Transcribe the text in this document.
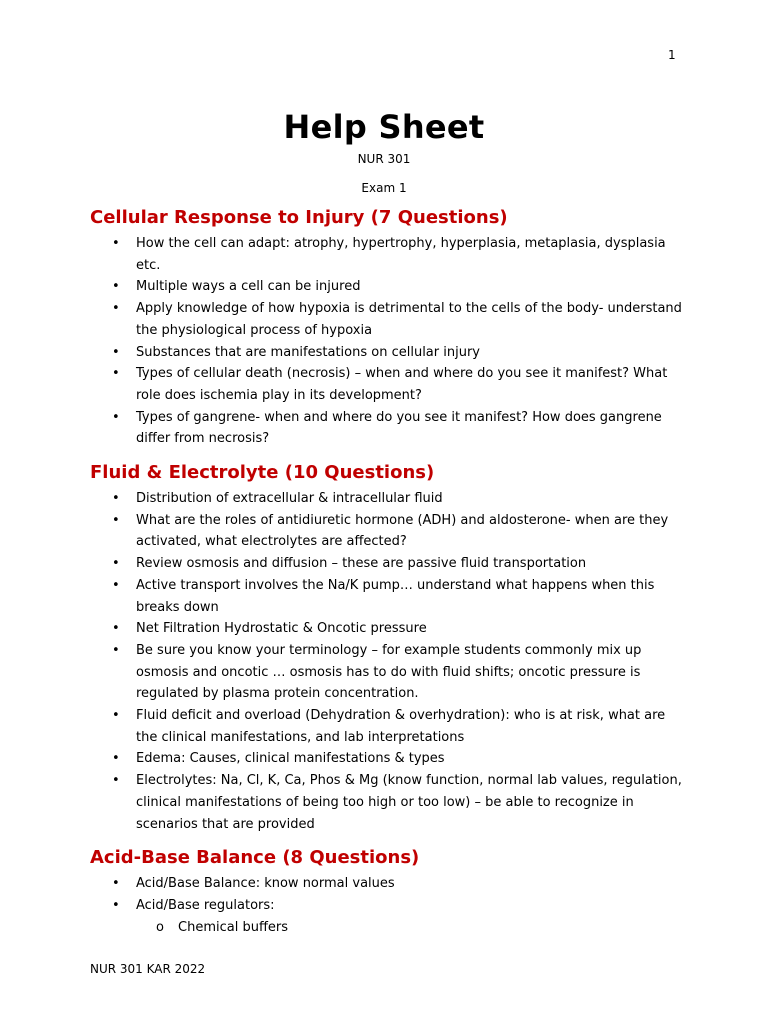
1
Help Sheet
NUR 301
Exam 1
Cellular Response to Injury (7 Questions)
• How the cell can adapt: atrophy, hypertrophy, hyperplasia, metaplasia, dysplasia etc.
• Multiple ways a cell can be injured
• Apply knowledge of how hypoxia is detrimental to the cells of the body- understand the physiological process of hypoxia
• Substances that are manifestations on cellular injury
• Types of cellular death (necrosis) – when and where do you see it manifest? What role does ischemia play in its development?
• Types of gangrene- when and where do you see it manifest? How does gangrene differ from necrosis?
Fluid & Electrolyte (10 Questions)
• Distribution of extracellular & intracellular fluid
• What are the roles of antidiuretic hormone (ADH) and aldosterone- when are they activated, what electrolytes are affected?
• Review osmosis and diffusion – these are passive fluid transportation
• Active transport involves the Na/K pump… understand what happens when this breaks down
• Net Filtration Hydrostatic & Oncotic pressure
• Be sure you know your terminology – for example students commonly mix up osmosis and oncotic … osmosis has to do with fluid shifts; oncotic pressure is regulated by plasma protein concentration.
• Fluid deficit and overload (Dehydration & overhydration): who is at risk, what are the clinical manifestations, and lab interpretations
• Edema: Causes, clinical manifestations & types
• Electrolytes: Na, Cl, K, Ca, Phos & Mg (know function, normal lab values, regulation, clinical manifestations of being too high or too low) – be able to recognize in scenarios that are provided
Acid-Base Balance (8 Questions)
• Acid/Base Balance: know normal values
• Acid/Base regulators:
o Chemical buffers
NUR 301 KAR 2022
